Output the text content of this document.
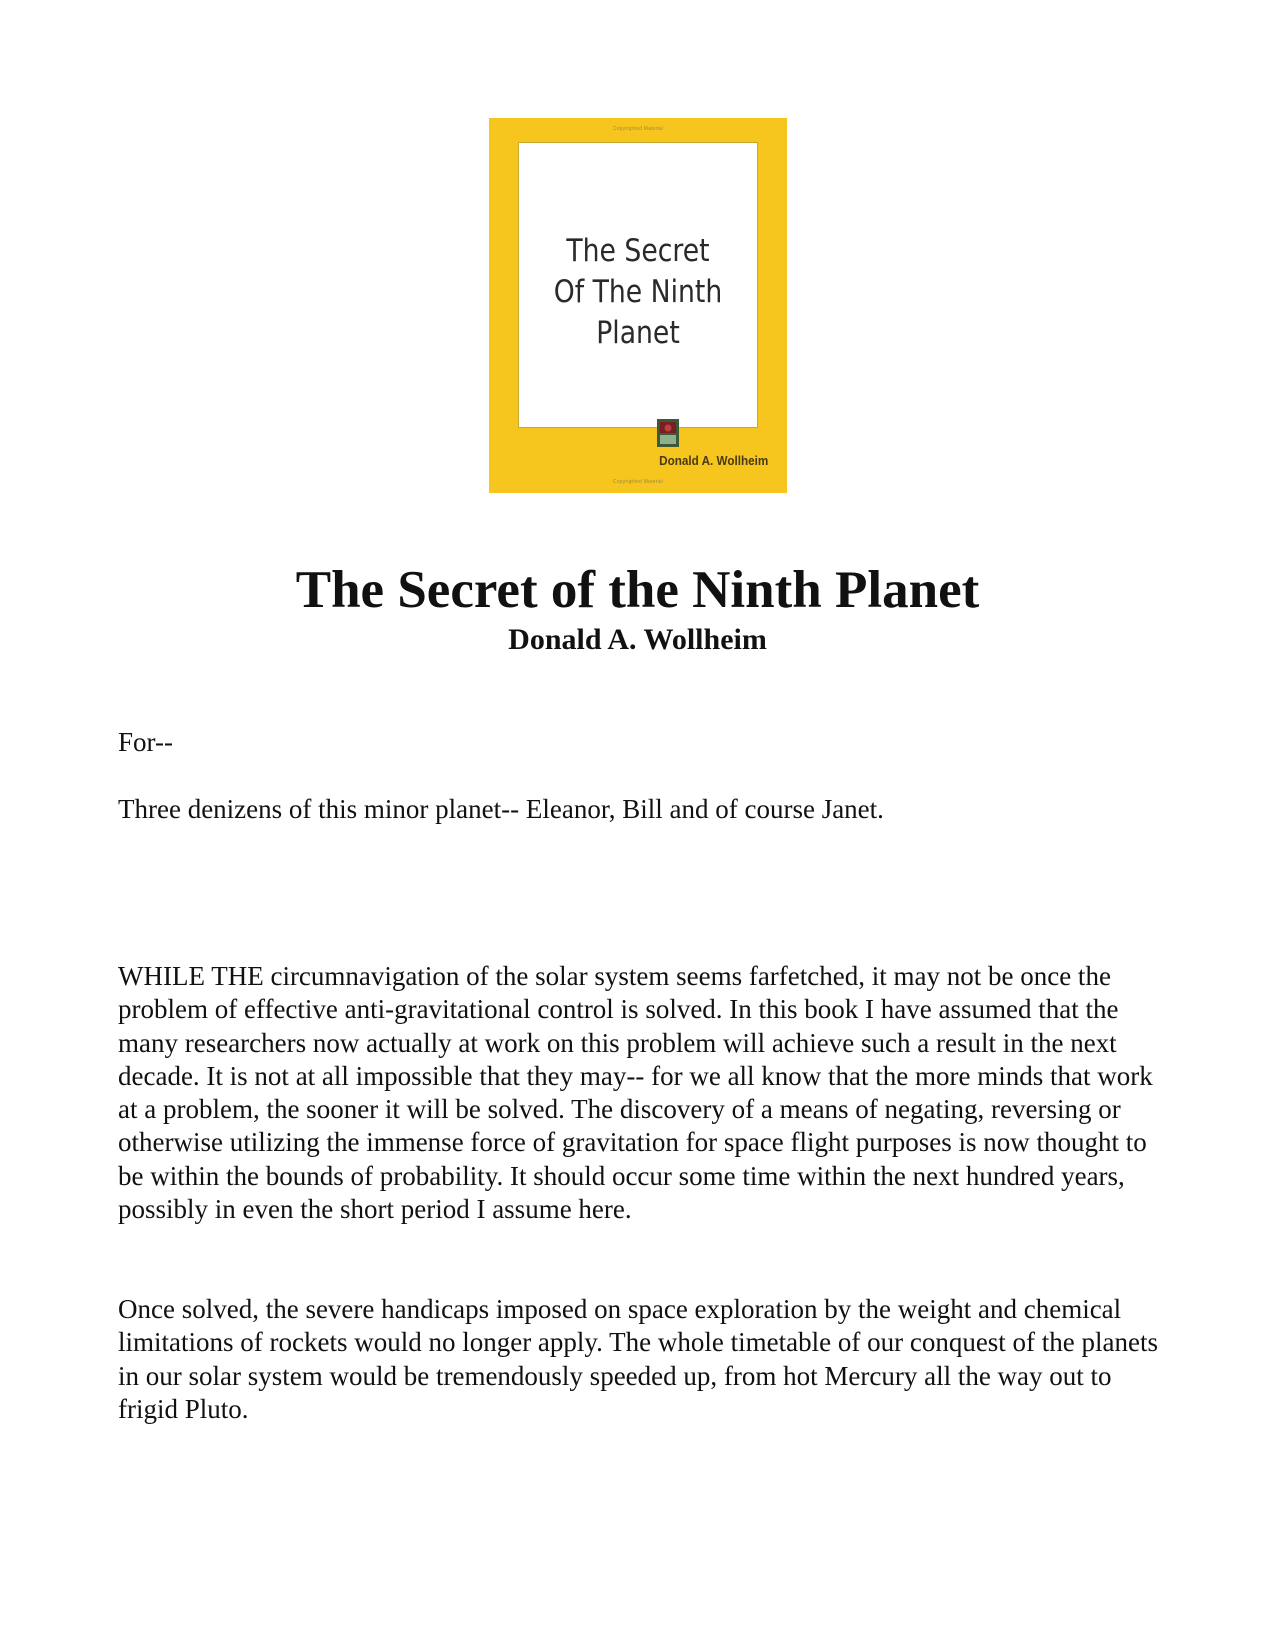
Copyrighted Material
The Secret
Of The Ninth
Planet
Donald A. Wollheim
Copyrighted Material
The Secret of the Ninth Planet
Donald A. Wollheim

For--

Three denizens of this minor planet-- Eleanor, Bill and of course Janet.

WHILE THE circumnavigation of the solar system seems farfetched, it may not be once the problem of effective anti-gravitational control is solved. In this book I have assumed that the many researchers now actually at work on this problem will achieve such a result in the next decade. It is not at all impossible that they may-- for we all know that the more minds that work at a problem, the sooner it will be solved. The discovery of a means of negating, reversing or otherwise utilizing the immense force of gravitation for space flight purposes is now thought to be within the bounds of probability. It should occur some time within the next hundred years, possibly in even the short period I assume here.

Once solved, the severe handicaps imposed on space exploration by the weight and chemical limitations of rockets would no longer apply. The whole timetable of our conquest of the planets in our solar system would be tremendously speeded up, from hot Mercury all the way out to frigid Pluto.
